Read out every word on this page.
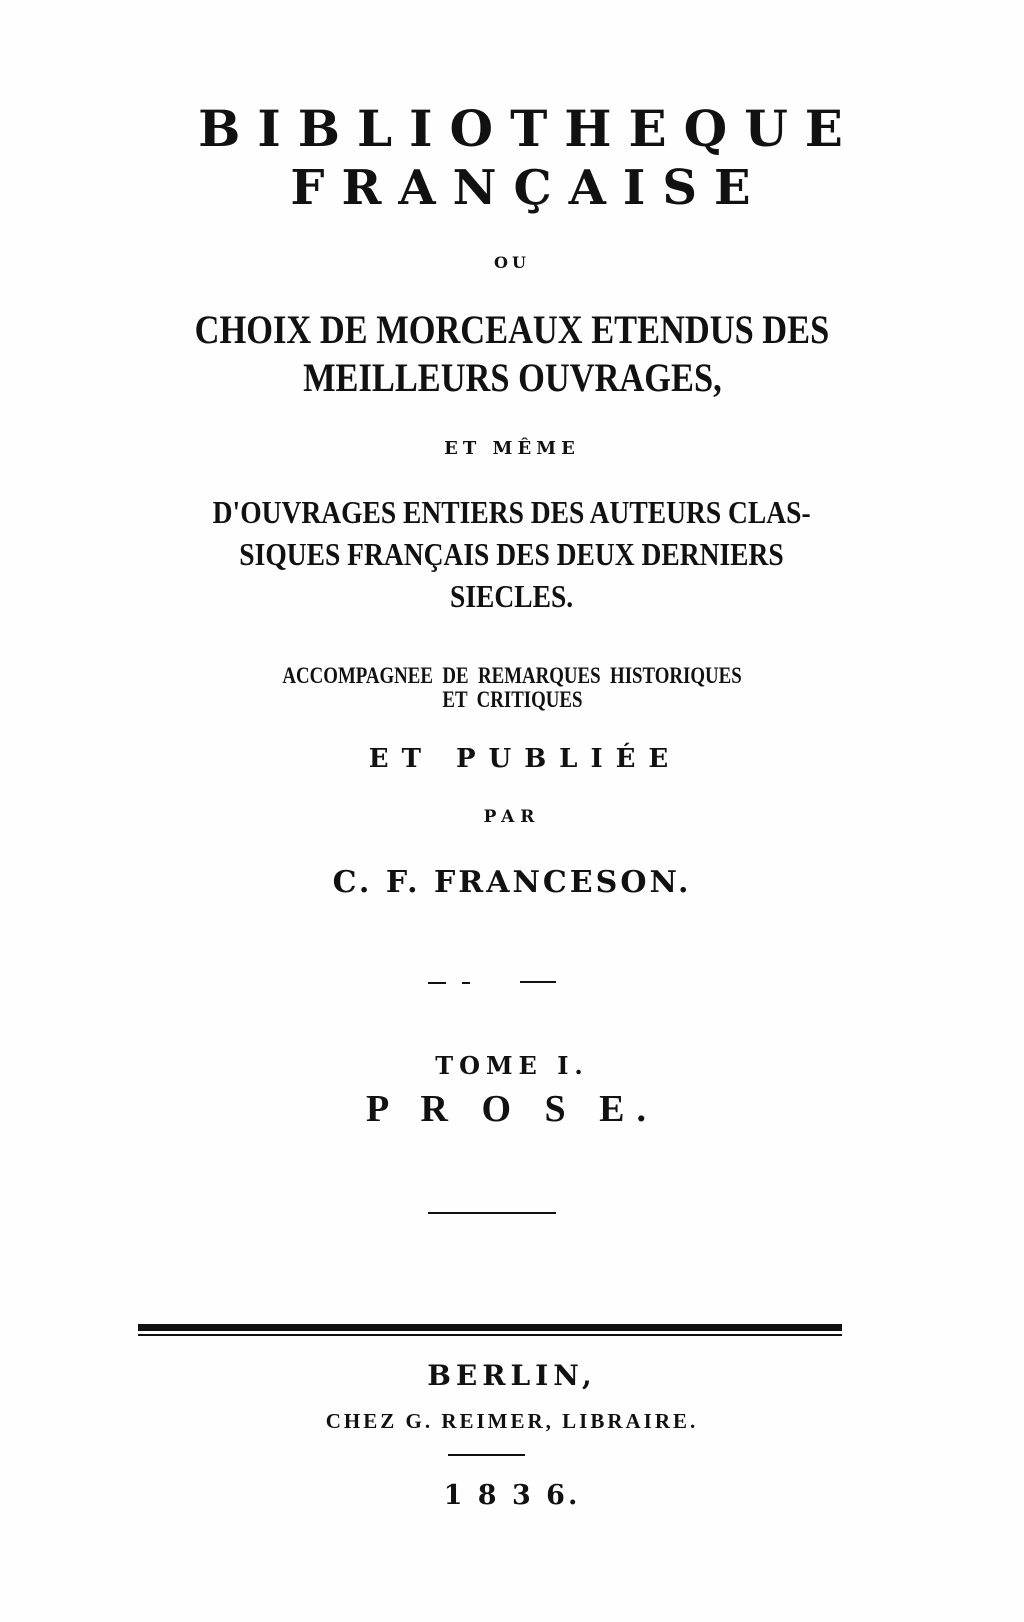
BIBLIOTHEQUE
FRANÇAISE
OU
CHOIX DE MORCEAUX ETENDUS DES
MEILLEURS OUVRAGES,
ET MÊME
D'OUVRAGES ENTIERS DES AUTEURS CLAS-
SIQUES FRANÇAIS DES DEUX DERNIERS
SIECLES.
ACCOMPAGNEE  DE  REMARQUES  HISTORIQUES
ET  CRITIQUES
ET PUBLIÉE
PAR
C. F. FRANCESON.
TOME I.
P R O S E.
BERLIN,
CHEZ G. REIMER, LIBRAIRE.
1 8 3 6.
